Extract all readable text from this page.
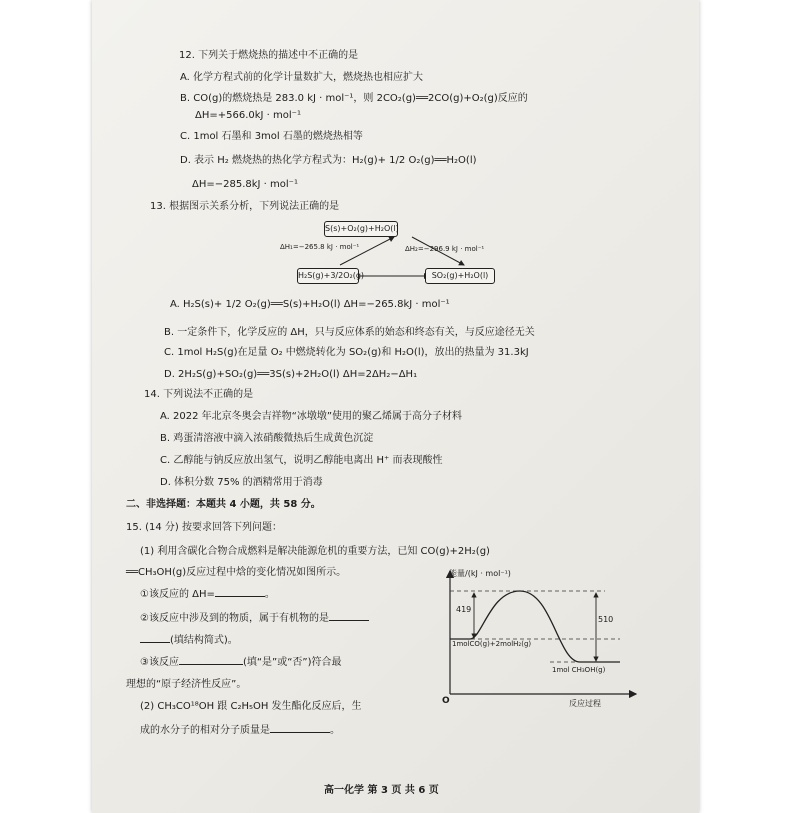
12. 下列关于燃烧热的描述中不正确的是
A. 化学方程式前的化学计量数扩大，燃烧热也相应扩大
B. CO(g)的燃烧热是 283.0 kJ · mol⁻¹，则 2CO₂(g)══2CO(g)+O₂(g)反应的
ΔH=+566.0kJ · mol⁻¹
C. 1mol 石墨和 3mol 石墨的燃烧热相等
D. 表示 H₂ 燃烧热的热化学方程式为：H₂(g)+ 1/2 O₂(g)══H₂O(l)
ΔH=−285.8kJ · mol⁻¹
13. 根据图示关系分析，下列说法正确的是
S(s)+O₂(g)+H₂O(l)
H₂S(g)+3/2O₂(g)	SO₂(g)+H₂O(l)
ΔH₁=−265.8 kJ · mol⁻¹	ΔH₂=−296.9 kJ · mol⁻¹
A. H₂S(s)+ 1/2 O₂(g)══S(s)+H₂O(l) ΔH=−265.8kJ · mol⁻¹
B. 一定条件下，化学反应的 ΔH，只与反应体系的始态和终态有关，与反应途径无关
C. 1mol H₂S(g)在足量 O₂ 中燃烧转化为 SO₂(g)和 H₂O(l)，放出的热量为 31.3kJ
D. 2H₂S(g)+SO₂(g)══3S(s)+2H₂O(l) ΔH=2ΔH₂−ΔH₁
14. 下列说法不正确的是
A. 2022 年北京冬奥会吉祥物“冰墩墩”使用的聚乙烯属于高分子材料
B. 鸡蛋清溶液中滴入浓硝酸微热后生成黄色沉淀
C. 乙醇能与钠反应放出氢气，说明乙醇能电离出 H⁺ 而表现酸性
D. 体积分数 75% 的酒精常用于消毒
二、非选择题：本题共 4 小题，共 58 分。
15. (14 分) 按要求回答下列问题：
(1) 利用含碳化合物合成燃料是解决能源危机的重要方法，已知 CO(g)+2H₂(g)
══CH₃OH(g)反应过程中焓的变化情况如图所示。
①该反应的 ΔH=	。
②该反应中涉及到的物质，属于有机物的是
(填结构简式)。
③该反应	(填“是”或“否”)符合最
理想的“原子经济性反应”。
(2) CH₃CO¹⁸OH 跟 C₂H₅OH 发生酯化反应后，生
成的水分子的相对分子质量是	。
能量/(kJ · mol⁻¹)
反应过程
O
419
510
1molCO(g)+2molH₂(g)
1mol CH₃OH(g)
高一化学 第 3 页 共 6 页
